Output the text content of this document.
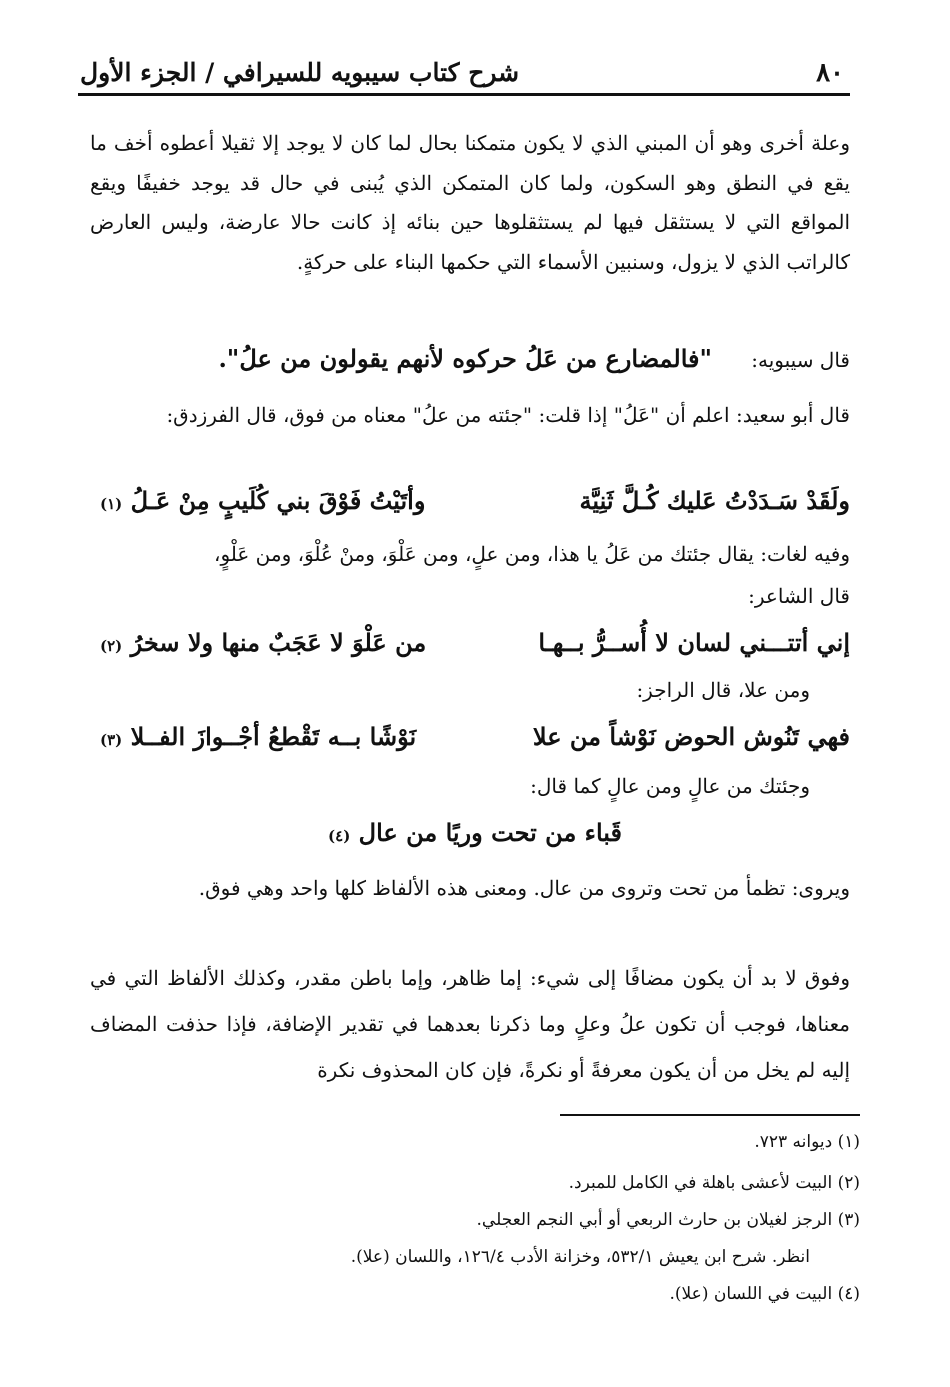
٨٠
شرح كتاب سيبويه للسيرافي / الجزء الأول
وعلة أخرى وهو أن المبني الذي لا يكون متمكنا بحال لما كان لا يوجد إلا ثقيلا أعطوه أخف ما يقع في النطق وهو السكون، ولما كان المتمكن الذي يُبنى في حال قد يوجد خفيفًا ويقع المواقع التي لا يستثقل فيها لم يستثقلوها حين بنائه إذ كانت حالا عارضة، وليس العارض كالراتب الذي لا يزول، وسنبين الأسماء التي حكمها البناء على حركةٍ.
قال سيبويه:
"فالمضارع من عَلُ حركوه لأنهم يقولون من علُ".
قال أبو سعيد: اعلم أن "عَلُ" إذا قلت: "جئته من علُ" معناه من فوق، قال الفرزدق:
ولَقَدْ سَـدَدْتُ عَليك كُـلَّ ثَنِيَّة
وأتَيْتُ فَوْقَ بني كُلَيبٍ مِنْ عَـلُ (١)
وفيه لغات: يقال جئتك من عَلُ يا هذا، ومن علٍ، ومن عَلْوَ، ومنْ عُلْوَ، ومن عَلْوٍ،
قال الشاعر:
إني أتتـــني لسان لا أُســرُّ بــهـا
من عَلْوَ لا عَجَبٌ منها ولا سخرُ (٢)
ومن علا، قال الراجز:
فهي تَنُوش الحوض نَوْشاً من علا
نَوْشًا بــه تَقْطعُ أجْــوازَ الفــلا (٣)
وجئتك من عالٍ ومن عالٍ كما قال:
قَباء من تحت وريًا من عال (٤)
ويروى: تظمأ من تحت وتروى من عال. ومعنى هذه الألفاظ كلها واحد وهي فوق.
وفوق لا بد أن يكون مضافًا إلى شيء: إما ظاهر، وإما باطن مقدر، وكذلك الألفاظ التي في معناها، فوجب أن تكون علُ وعلٍ وما ذكرنا بعدهما في تقدير الإضافة، فإذا حذفت المضاف إليه لم يخل من أن يكون معرفةً أو نكرةً، فإن كان المحذوف نكرة
(١) ديوانه ٧٢٣.
(٢) البيت لأعشى باهلة في الكامل للمبرد.
(٣) الرجز لغيلان بن حارث الربعي أو أبي النجم العجلي.
انظر. شرح ابن يعيش ٥٣٢/١، وخزانة الأدب ١٢٦/٤، واللسان (علا).
(٤) البيت في اللسان (علا).
